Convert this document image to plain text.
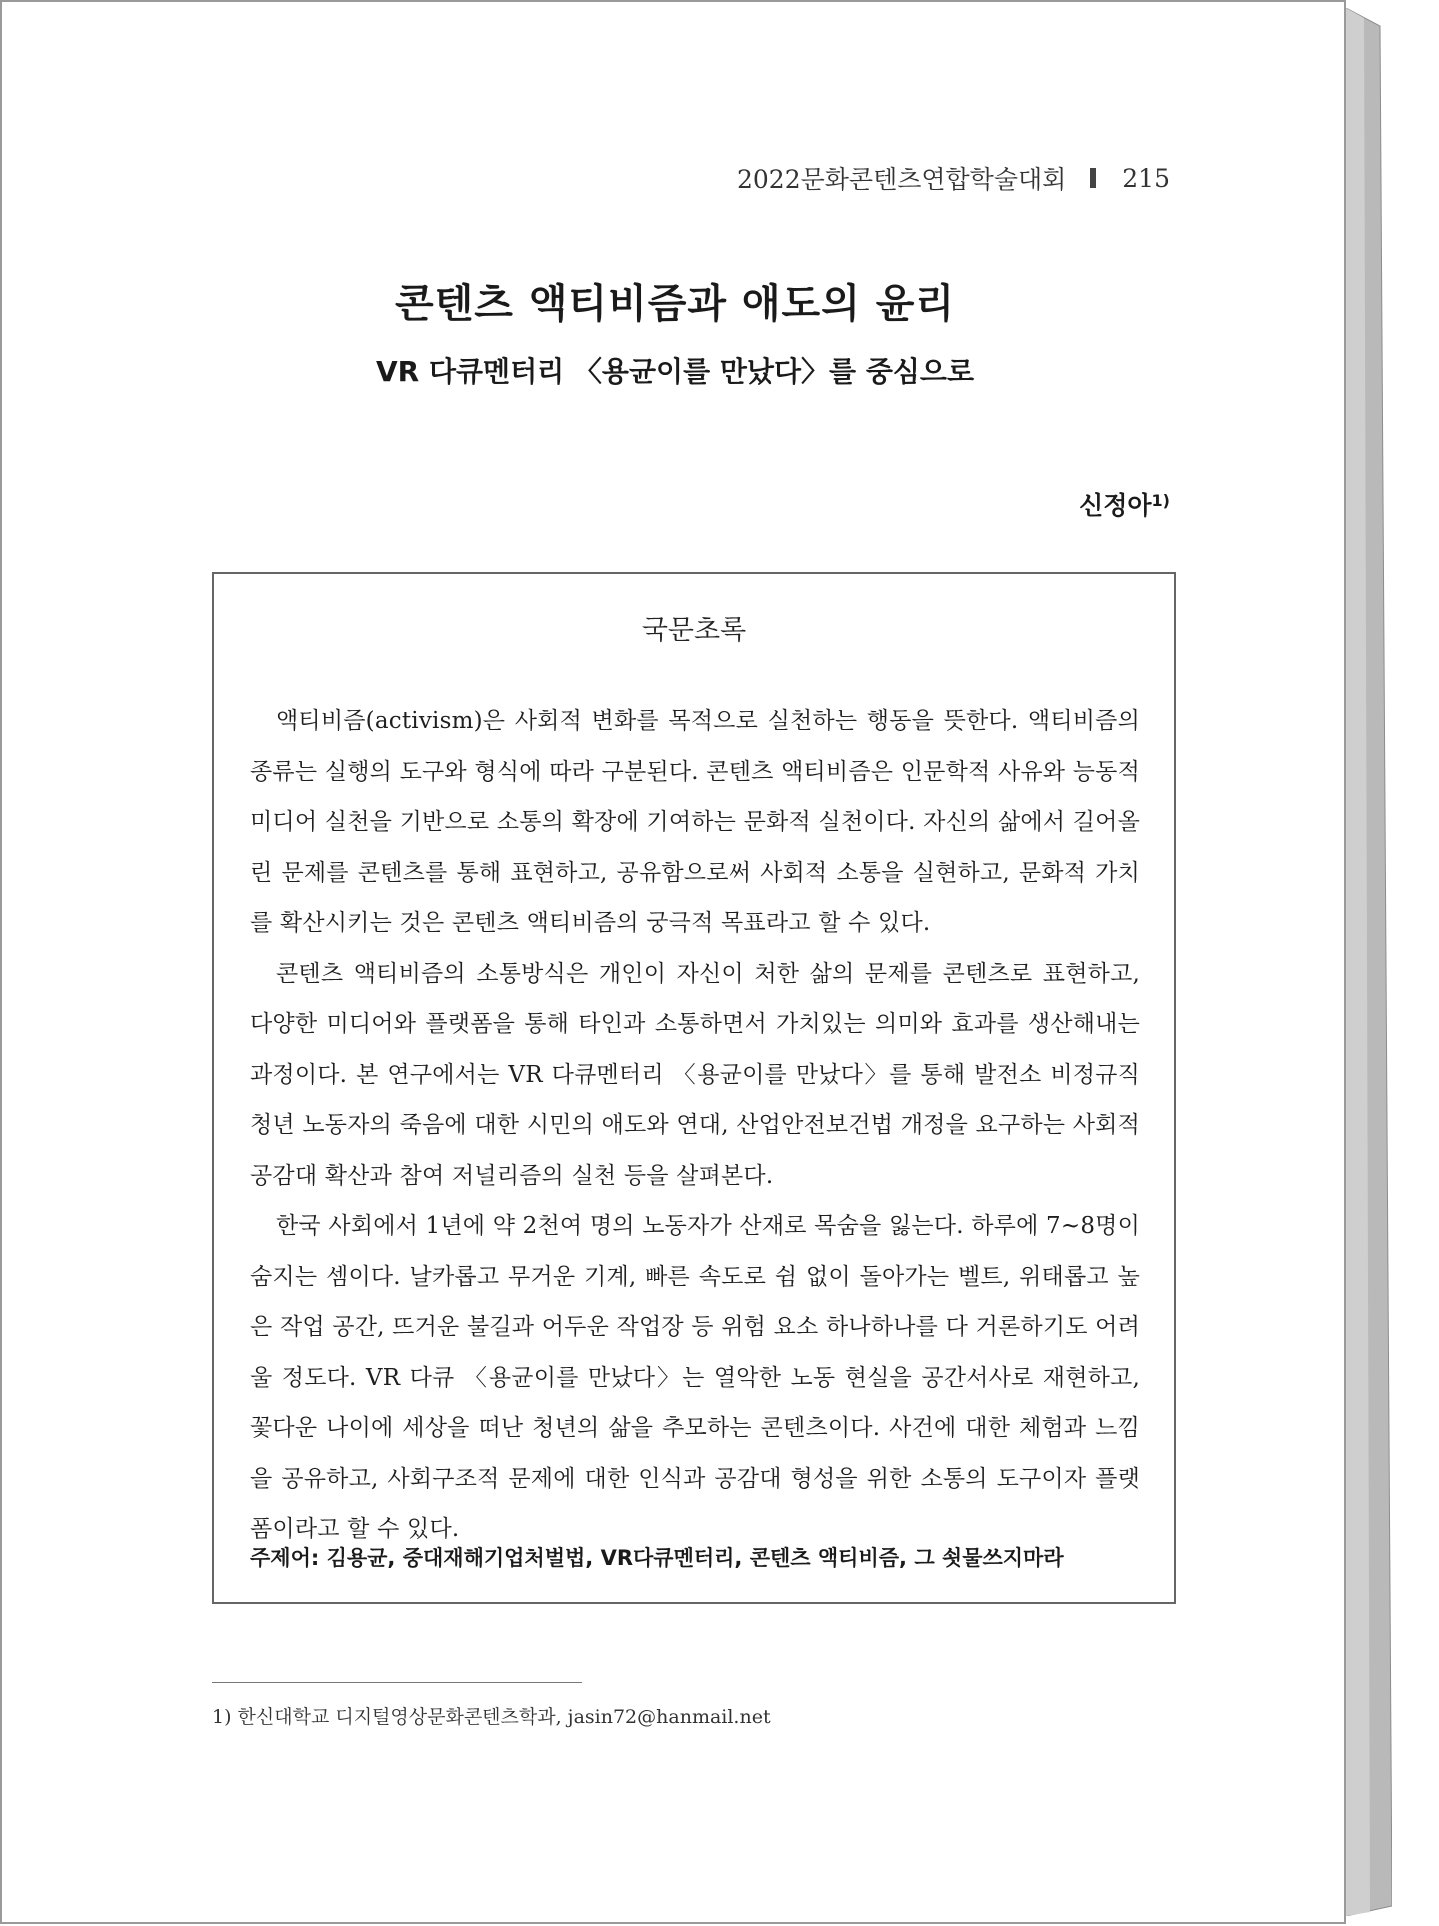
2022문화콘텐츠연합학술대회 215
콘텐츠 액티비즘과 애도의 윤리
VR 다큐멘터리 〈용균이를 만났다〉를 중심으로
신정아$^{1)}$
국문초록

액티비즘(activism)은 사회적 변화를 목적으로 실천하는 행동을 뜻한다. 액티비즘의 종류는 실행의 도구와 형식에 따라 구분된다. 콘텐츠 액티비즘은 인문학적 사유와 능동적 미디어 실천을 기반으로 소통의 확장에 기여하는 문화적 실천이다. 자신의 삶에서 길어올린 문제를 콘텐츠를 통해 표현하고, 공유함으로써 사회적 소통을 실현하고, 문화적 가치를 확산시키는 것은 콘텐츠 액티비즘의 궁극적 목표라고 할 수 있다.

콘텐츠 액티비즘의 소통방식은 개인이 자신이 처한 삶의 문제를 콘텐츠로 표현하고, 다양한 미디어와 플랫폼을 통해 타인과 소통하면서 가치있는 의미와 효과를 생산해내는 과정이다. 본 연구에서는 VR 다큐멘터리 〈용균이를 만났다〉를 통해 발전소 비정규직 청년 노동자의 죽음에 대한 시민의 애도와 연대, 산업안전보건법 개정을 요구하는 사회적 공감대 확산과 참여 저널리즘의 실천 등을 살펴본다.

한국 사회에서 1년에 약 2천여 명의 노동자가 산재로 목숨을 잃는다. 하루에 7~8명이 숨지는 셈이다. 날카롭고 무거운 기계, 빠른 속도로 쉼 없이 돌아가는 벨트, 위태롭고 높은 작업 공간, 뜨거운 불길과 어두운 작업장 등 위험 요소 하나하나를 다 거론하기도 어려울 정도다. VR 다큐 〈용균이를 만났다〉는 열악한 노동 현실을 공간서사로 재현하고, 꽃다운 나이에 세상을 떠난 청년의 삶을 추모하는 콘텐츠이다. 사건에 대한 체험과 느낌을 공유하고, 사회구조적 문제에 대한 인식과 공감대 형성을 위한 소통의 도구이자 플랫폼이라고 할 수 있다.

주제어: 김용균, 중대재해기업처벌법, VR다큐멘터리, 콘텐츠 액티비즘, 그 쇳물쓰지마라
1) 한신대학교 디지털영상문화콘텐츠학과, jasin72@hanmail.net
